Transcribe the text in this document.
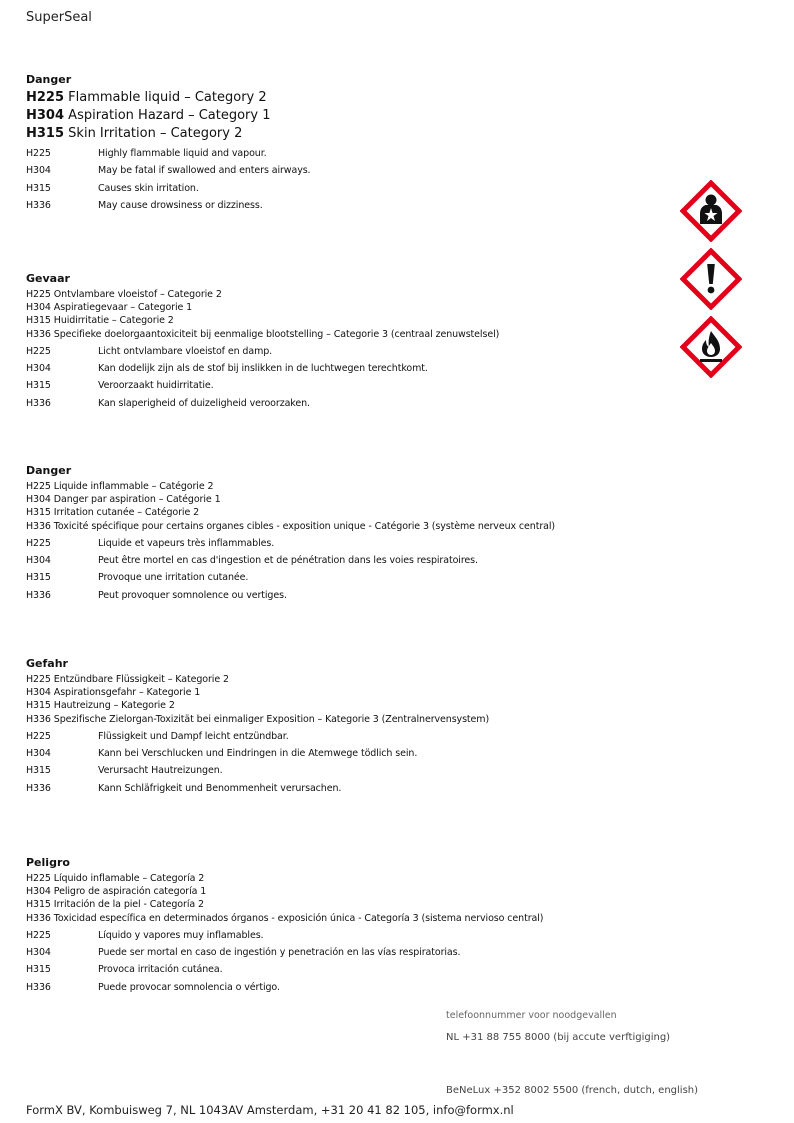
SuperSeal
Danger
H225 Flammable liquid – Category 2
H304 Aspiration Hazard – Category 1
H315 Skin Irritation – Category 2
H225	Highly flammable liquid and vapour.
H304	May be fatal if swallowed and enters airways.
H315	Causes skin irritation.
H336	May cause drowsiness or dizziness.
Gevaar
H225 Ontvlambare vloeistof – Categorie 2
H304 Aspiratiegevaar – Categorie 1
H315 Huidirritatie – Categorie 2
H336 Specifieke doelorgaantoxiciteit bij eenmalige blootstelling – Categorie 3 (centraal zenuwstelsel)
H225	Licht ontvlambare vloeistof en damp.
H304	Kan dodelijk zijn als de stof bij inslikken in de luchtwegen terechtkomt.
H315	Veroorzaakt huidirritatie.
H336	Kan slaperigheid of duizeligheid veroorzaken.
Danger
H225 Liquide inflammable – Catégorie 2
H304 Danger par aspiration – Catégorie 1
H315 Irritation cutanée – Catégorie 2
H336 Toxicité spécifique pour certains organes cibles - exposition unique - Catégorie 3 (système nerveux central)
H225	Liquide et vapeurs très inflammables.
H304	Peut être mortel en cas d'ingestion et de pénétration dans les voies respiratoires.
H315	Provoque une irritation cutanée.
H336	Peut provoquer somnolence ou vertiges.
Gefahr
H225 Entzündbare Flüssigkeit – Kategorie 2
H304 Aspirationsgefahr – Kategorie 1
H315 Hautreizung – Kategorie 2
H336 Spezifische Zielorgan-Toxizität bei einmaliger Exposition – Kategorie 3 (Zentralnervensystem)
H225	Flüssigkeit und Dampf leicht entzündbar.
H304	Kann bei Verschlucken und Eindringen in die Atemwege tödlich sein.
H315	Verursacht Hautreizungen.
H336	Kann Schläfrigkeit und Benommenheit verursachen.
Peligro
H225 Líquido inflamable – Categoría 2
H304 Peligro de aspiración categoría 1
H315 Irritación de la piel - Categoría 2
H336 Toxicidad específica en determinados órganos - exposición única - Categoría 3 (sistema nervioso central)
H225	Líquido y vapores muy inflamables.
H304	Puede ser mortal en caso de ingestión y penetración en las vías respiratorias.
H315	Provoca irritación cutánea.
H336	Puede provocar somnolencia o vértigo.
telefoonnummer voor noodgevallen
NL +31 88 755 8000 (bij accute verftigiging)
BeNeLux +352 8002 5500 (french, dutch, english)
FormX BV, Kombuisweg 7, NL 1043AV Amsterdam, +31 20 41 82 105, info@formx.nl
